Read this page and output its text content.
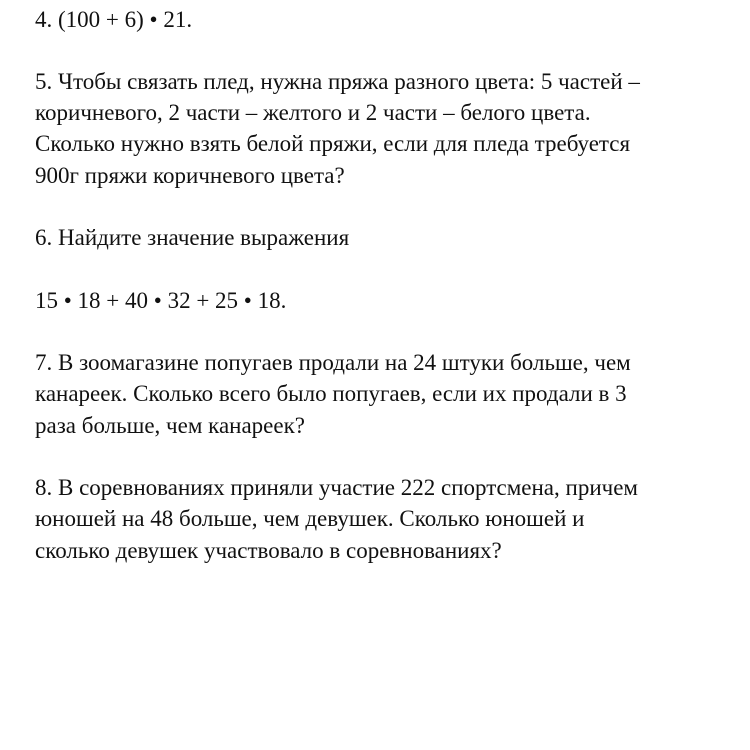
4. (100 + 6) • 21.
5. Чтобы связать плед, нужна пряжа разного цвета: 5 частей –
коричневого, 2 части – желтого и 2 части – белого цвета.
Сколько нужно взять белой пряжи, если для пледа требуется
900г пряжи коричневого цвета?
6. Найдите значение выражения
15 • 18 + 40 • 32 + 25 • 18.
7. В зоомагазине попугаев продали на 24 штуки больше, чем
канареек. Сколько всего было попугаев, если их продали в 3
раза больше, чем канареек?
8. В соревнованиях приняли участие 222 спортсмена, причем
юношей на 48 больше, чем девушек. Сколько юношей и
сколько девушек участвовало в соревнованиях?
